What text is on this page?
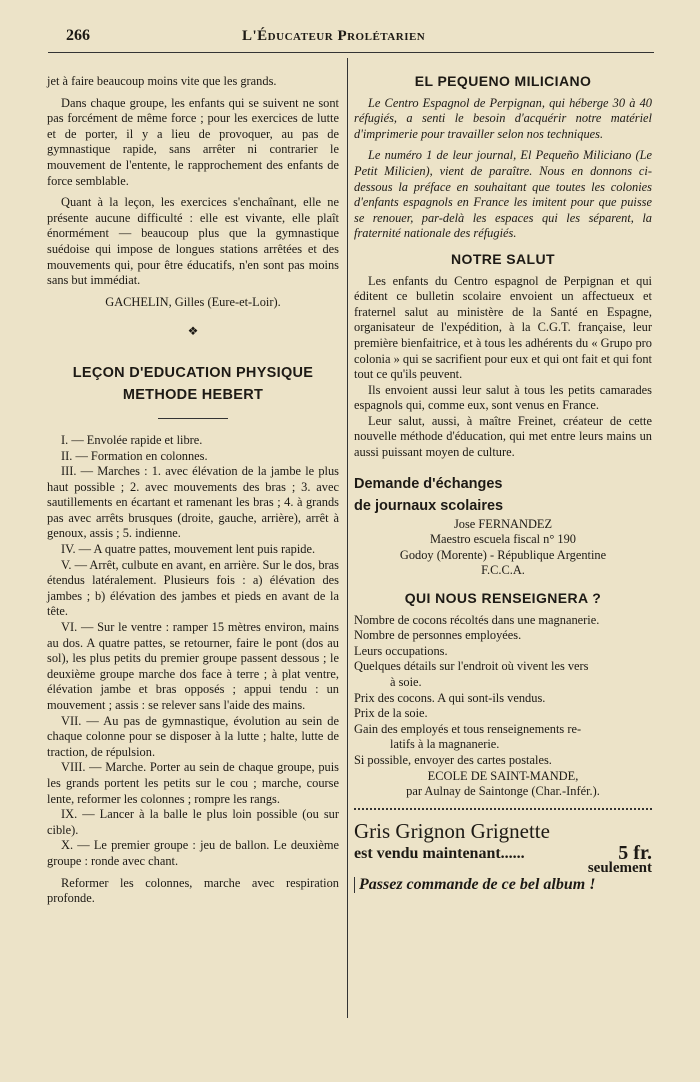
266	L'Éducateur Prolétarien

jet à faire beaucoup moins vite que les grands.

Dans chaque groupe, les enfants qui se suivent ne sont pas forcément de même force ; pour les exercices de lutte et de porter, il y a lieu de provoquer, au pas de gymnastique rapide, sans arrêter ni contrarier le mouvement de l'entente, le rapprochement des enfants de force semblable.

Quant à la leçon, les exercices s'enchaînant, elle ne présente aucune difficulté : elle est vivante, elle plaît énormément — beaucoup plus que la gymnastique suédoise qui impose de longues stations arrêtées et des mouvements qui, pour être éducatifs, n'en sont pas moins sans but immédiat.

GACHELIN, Gilles (Eure-et-Loir).

❖
LEÇON D'EDUCATION PHYSIQUE
METHODE HEBERT

I. — Envolée rapide et libre.

II. — Formation en colonnes.

III. — Marches : 1. avec élévation de la jambe le plus haut possible ; 2. avec mouvements des bras ; 3. avec sautillements en écartant et ramenant les bras ; 4. à grands pas avec arrêts brusques (droite, gauche, arrière), arrêt à genoux, assis ; 5. indienne.

IV. — A quatre pattes, mouvement lent puis rapide.

V. — Arrêt, culbute en avant, en arrière. Sur le dos, bras étendus latéralement. Plusieurs fois : a) élévation des jambes ; b) élévation des jambes et pieds en avant de la tête.

VI. — Sur le ventre : ramper 15 mètres environ, mains au dos. A quatre pattes, se retourner, faire le pont (dos au sol), les plus petits du premier groupe passent dessous ; le deuxième groupe marche dos face à terre ; à plat ventre, élévation jambe et bras opposés ; appui tendu : un mouvement ; assis : se relever sans l'aide des mains.

VII. — Au pas de gymnastique, évolution au sein de chaque colonne pour se disposer à la lutte ; halte, lutte de traction, de répulsion.

VIII. — Marche. Porter au sein de chaque groupe, puis les grands portent les petits sur le cou ; marche, course lente, reformer les colonnes ; rompre les rangs.

IX. — Lancer à la balle le plus loin possible (ou sur cible).

X. — Le premier groupe : jeu de ballon. Le deuxième groupe : ronde avec chant.

Reformer les colonnes, marche avec respiration profonde.

EL PEQUENO MILICIANO

Le Centro Espagnol de Perpignan, qui héberge 30 à 40 réfugiés, a senti le besoin d'acquérir notre matériel d'imprimerie pour travailler selon nos techniques.

Le numéro 1 de leur journal, El Pequeño Miliciano (Le Petit Milicien), vient de paraître. Nous en donnons ci-dessous la préface en souhaitant que toutes les colonies d'enfants espagnols en France les imitent pour que puisse se renouer, par-delà les espaces qui les séparent, la fraternité nationale des réfugiés.

NOTRE SALUT

Les enfants du Centro espagnol de Perpignan et qui éditent ce bulletin scolaire envoient un affectueux et fraternel salut au ministère de la Santé en Espagne, organisateur de l'expédition, à la C.G.T. française, leur première bienfaitrice, et à tous les adhérents du « Grupo pro colonia » qui se sacrifient pour eux et qui ont fait et qui font tout ce qu'ils peuvent.

Ils envoient aussi leur salut à tous les petits camarades espagnols qui, comme eux, sont venus en France.

Leur salut, aussi, à maître Freinet, créateur de cette nouvelle méthode d'éducation, qui met entre leurs mains un aussi puissant moyen de culture.

Demande d'échanges
de journaux scolaires
Jose FERNANDEZ
Maestro escuela fiscal n° 190
Godoy (Morente) - République Argentine
F.C.C.A.
QUI NOUS RENSEIGNERA ?
Nombre de cocons récoltés dans une magnanerie.
Nombre de personnes employées.
Leurs occupations.
Quelques détails sur l'endroit où vivent les vers
à soie.
Prix des cocons. A qui sont-ils vendus.
Prix de la soie.
Gain des employés et tous renseignements re-
latifs à la magnanerie.
Si possible, envoyer des cartes postales.
ECOLE DE SAINT-MANDE,
par Aulnay de Saintonge (Char.-Infér.).
Gris Grignon Grignette
est vendu maintenant......	5 fr.
seulement
Passez commande de ce bel album !
